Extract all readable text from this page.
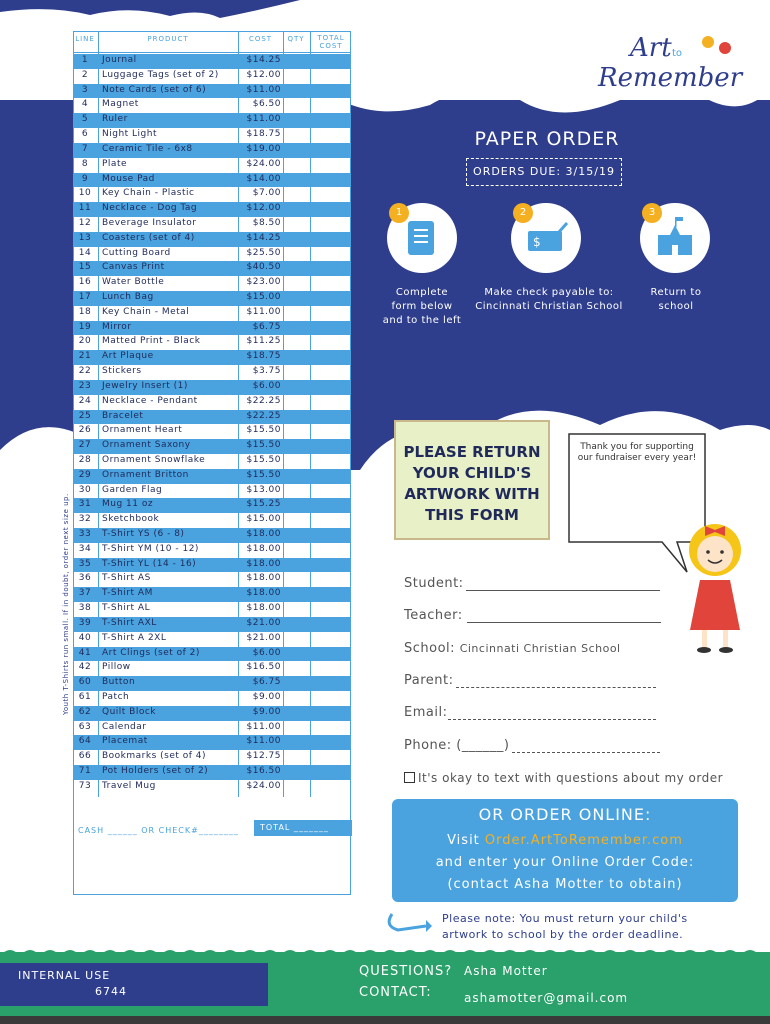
Youth T-Shirts run small. If in doubt, order next size up.
LINE	PRODUCT	COST	QTY	TOTAL COST
1	Journal	$14.25
2	Luggage Tags (set of 2)	$12.00
3	Note Cards (set of 6)	$11.00
4	Magnet	$6.50
5	Ruler	$11.00
6	Night Light	$18.75
7	Ceramic Tile - 6x8	$19.00
8	Plate	$24.00
9	Mouse Pad	$14.00
10	Key Chain - Plastic	$7.00
11	Necklace - Dog Tag	$12.00
12	Beverage Insulator	$8.50
13	Coasters (set of 4)	$14.25
14	Cutting Board	$25.50
15	Canvas Print	$40.50
16	Water Bottle	$23.00
17	Lunch Bag	$15.00
18	Key Chain - Metal	$11.00
19	Mirror	$6.75
20	Matted Print - Black	$11.25
21	Art Plaque	$18.75
22	Stickers	$3.75
23	Jewelry Insert (1)	$6.00
24	Necklace - Pendant	$22.25
25	Bracelet	$22.25
26	Ornament Heart	$15.50
27	Ornament Saxony	$15.50
28	Ornament Snowflake	$15.50
29	Ornament Britton	$15.50
30	Garden Flag	$13.00
31	Mug 11 oz	$15.25
32	Sketchbook	$15.00
33	T-Shirt YS (6 - 8)	$18.00
34	T-Shirt YM (10 - 12)	$18.00
35	T-Shirt YL (14 - 16)	$18.00
36	T-Shirt AS	$18.00
37	T-Shirt AM	$18.00
38	T-Shirt AL	$18.00
39	T-Shirt AXL	$21.00
40	T-Shirt A 2XL	$21.00
41	Art Clings (set of 2)	$6.00
42	Pillow	$16.50
60	Button	$6.75
61	Patch	$9.00
62	Quilt Block	$9.00
63	Calendar	$11.00
64	Placemat	$11.00
66	Bookmarks (set of 4)	$12.75
71	Pot Holders (set of 2)	$16.50
73	Travel Mug	$24.00
CASH ______ OR CHECK#________	TOTAL _______
Art to
Remember
PAPER ORDER
ORDERS DUE: 3/15/19
1
$
2	3
Complete
form below
and to the left
Make check payable to:
Cincinnati Christian School
Return to
school
PLEASE RETURN
YOUR CHILD'S
ARTWORK WITH
THIS FORM
Thank you for supporting our fundraiser every year!
Student:
Teacher:
School: Cincinnati Christian School
Parent:
Email:
Phone: (______)
It's okay to text with questions about my order
OR ORDER ONLINE:
Visit Order.ArtToRemember.com
and enter your Online Order Code:
(contact Asha Motter to obtain)
Please note: You must return your child's
artwork to school by the order deadline.
INTERNAL USE
6744
QUESTIONS?
CONTACT:
Asha Motter
ashamotter@gmail.com
